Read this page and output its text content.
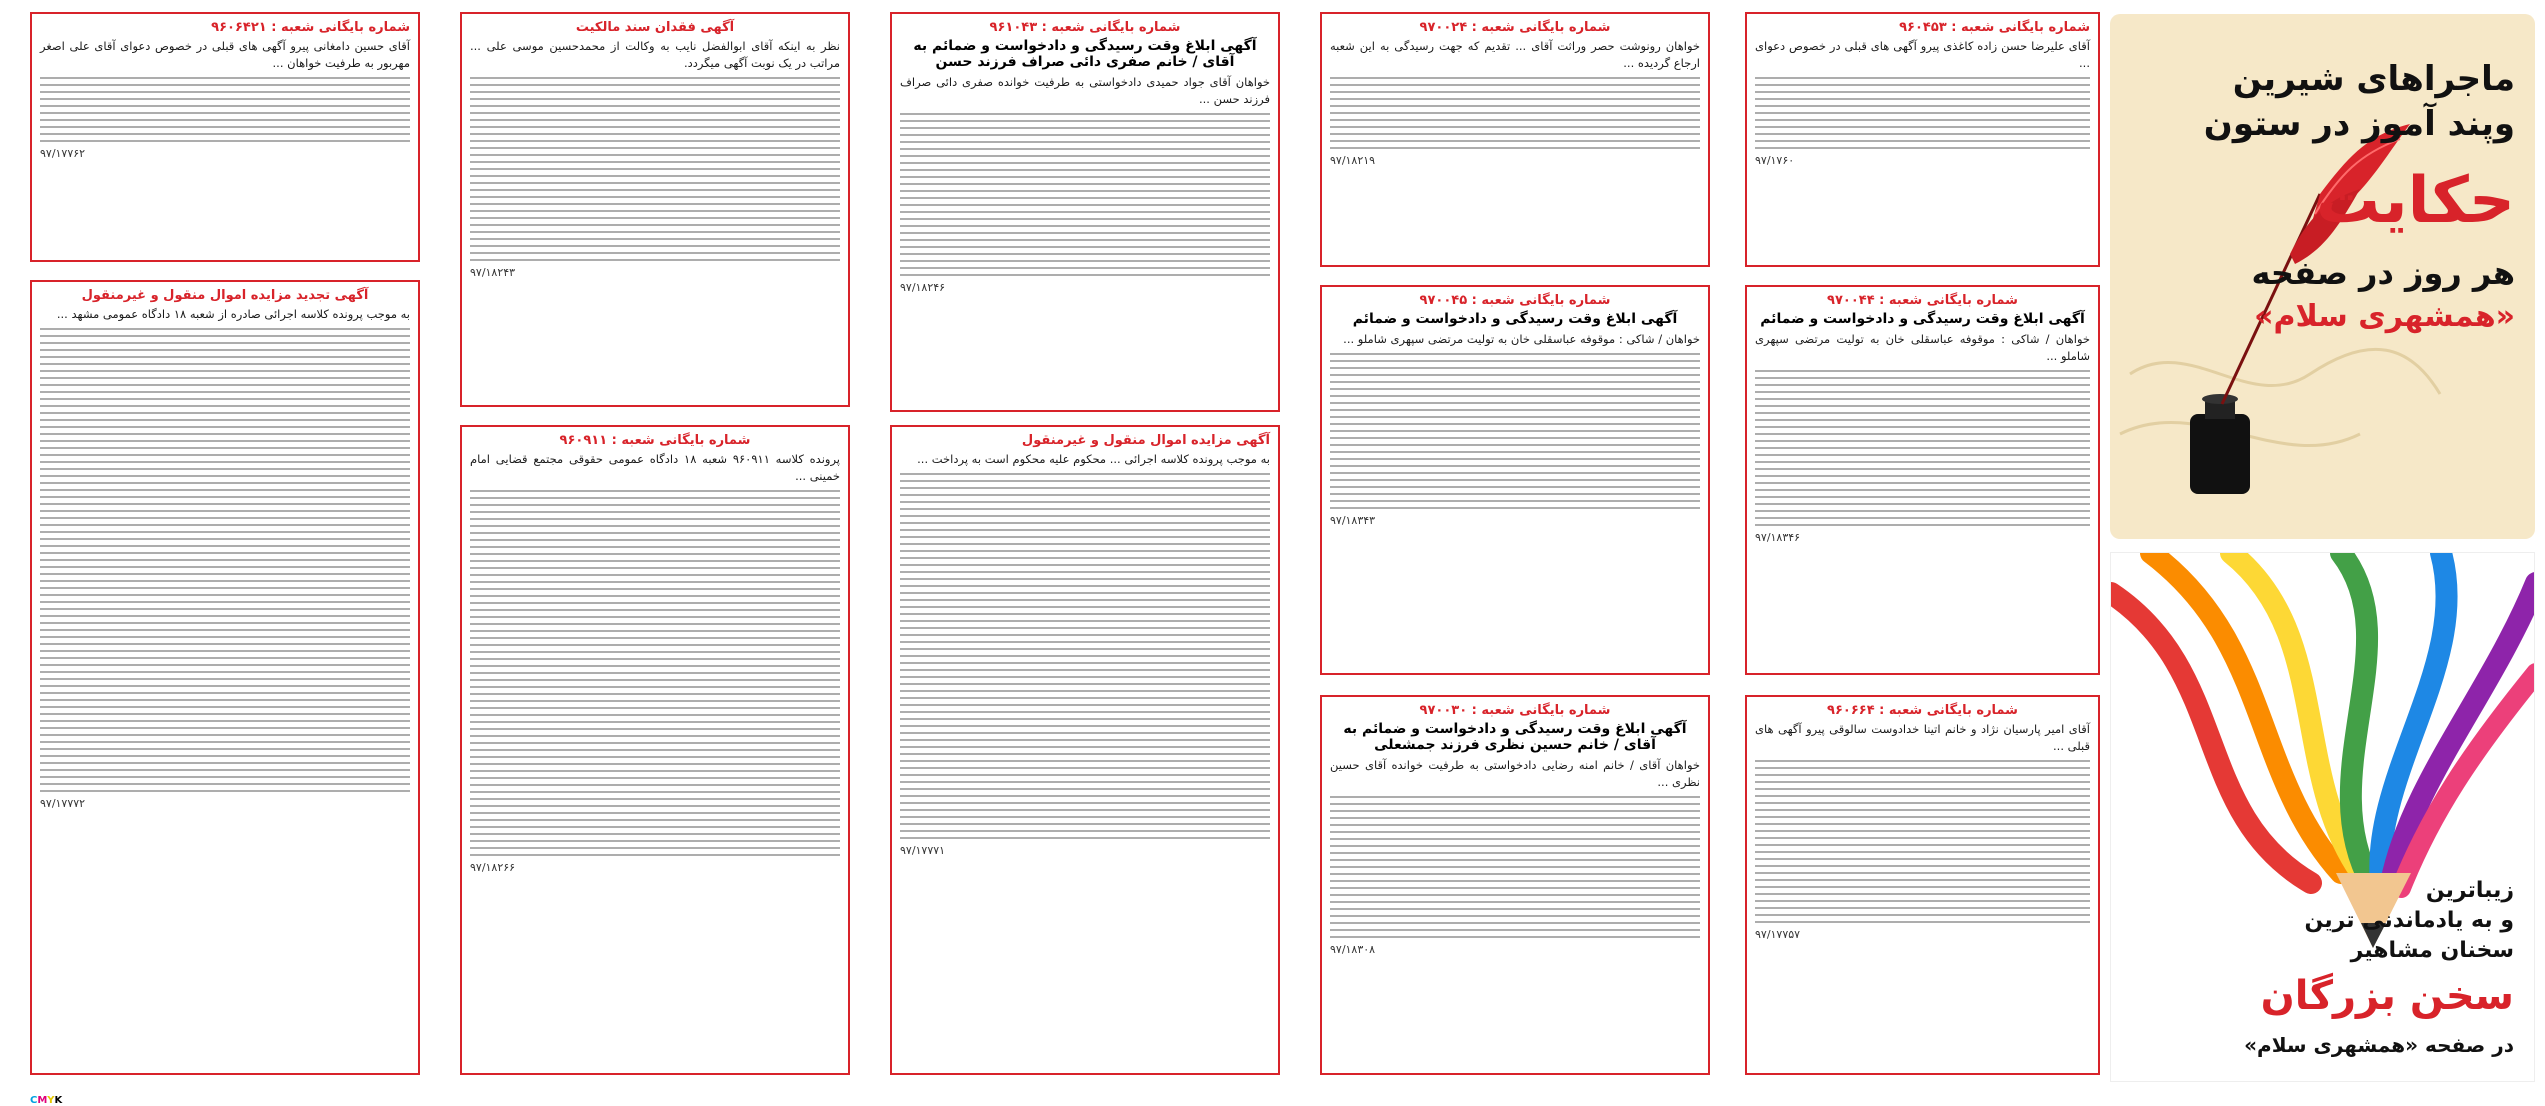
شماره بایگانی شعبه : ۹۶۰۶۴۲۱
آقای حسین دامغانی پیرو آگهی های قبلی در خصوص دعوای آقای علی اصغر مهربور به طرفیت خواهان ...
۹۷/۱۷۷۶۲
آگهی تجدید مزایده اموال منقول و غیرمنقول
به موجب پرونده کلاسه اجرائی صادره از شعبه ۱۸ دادگاه عمومی مشهد ...
۹۷/۱۷۷۷۲
آگهی فقدان سند مالکیت
نظر به اینکه آقای ابوالفضل نایب به وکالت از محمدحسین موسی علی ... مراتب در یک نوبت آگهی میگردد.
۹۷/۱۸۲۴۳
شماره بایگانی شعبه : ۹۶۰۹۱۱
پرونده کلاسه ۹۶۰۹۱۱ شعبه ۱۸ دادگاه عمومی حقوقی مجتمع قضایی امام خمینی ...
۹۷/۱۸۲۶۶
شماره بایگانی شعبه : ۹۶۱۰۴۳
آگهی ابلاغ وقت رسیدگی و دادخواست و ضمائم به آقای / خانم صفری دائی صراف فرزند حسن
خواهان آقای جواد حمیدی دادخواستی به طرفیت خوانده صفری دائی صراف فرزند حسن ...
۹۷/۱۸۲۴۶
آگهی مزایده اموال منقول و غیرمنقول
به موجب پرونده کلاسه اجرائی ... محکوم علیه محکوم است به پرداخت ...
۹۷/۱۷۷۷۱
شماره بایگانی شعبه : ۹۷۰۰۲۴
خواهان رونوشت حصر وراثت آقای ... تقدیم که جهت رسیدگی به این شعبه ارجاع گردیده ...
۹۷/۱۸۲۱۹
شماره بایگانی شعبه : ۹۷۰۰۴۵
آگهی ابلاغ وقت رسیدگی و دادخواست و ضمائم
خواهان / شاکی : موقوفه عباسقلی خان به تولیت مرتضی سپهری شاملو ...
۹۷/۱۸۳۴۳
شماره بایگانی شعبه : ۹۷۰۰۳۰
آگهی ابلاغ وقت رسیدگی و دادخواست و ضمائم به آقای / خانم حسین نظری فرزند جمشعلی
خواهان آقای / خانم امنه رضایی دادخواستی به طرفیت خوانده آقای حسین نظری ...
۹۷/۱۸۳۰۸
شماره بایگانی شعبه : ۹۶۰۴۵۳
آقای علیرضا حسن زاده کاغذی پیرو آگهی های قبلی در خصوص دعوای ...
۹۷/۱۷۶۰
شماره بایگانی شعبه : ۹۷۰۰۴۴
آگهی ابلاغ وقت رسیدگی و دادخواست و ضمائم
خواهان / شاکی : موقوفه عباسقلی خان به تولیت مرتضی سپهری شاملو ...
۹۷/۱۸۳۴۶
شماره بایگانی شعبه : ۹۶۰۶۶۴
آقای امیر پارسیان نژاد و خانم اتینا خدادوست سالوقی پیرو آگهی های قبلی ...
۹۷/۱۷۷۵۷
ماجراهای شیرین
وپند آموز در ستون
حکایت
هر روز در صفحه
«همشهری سلام»
زیباترین
و به یادماندنی ترین
سخنان مشاهیر
سخن بزرگان
در صفحه «همشهری سلام»
CMYK
